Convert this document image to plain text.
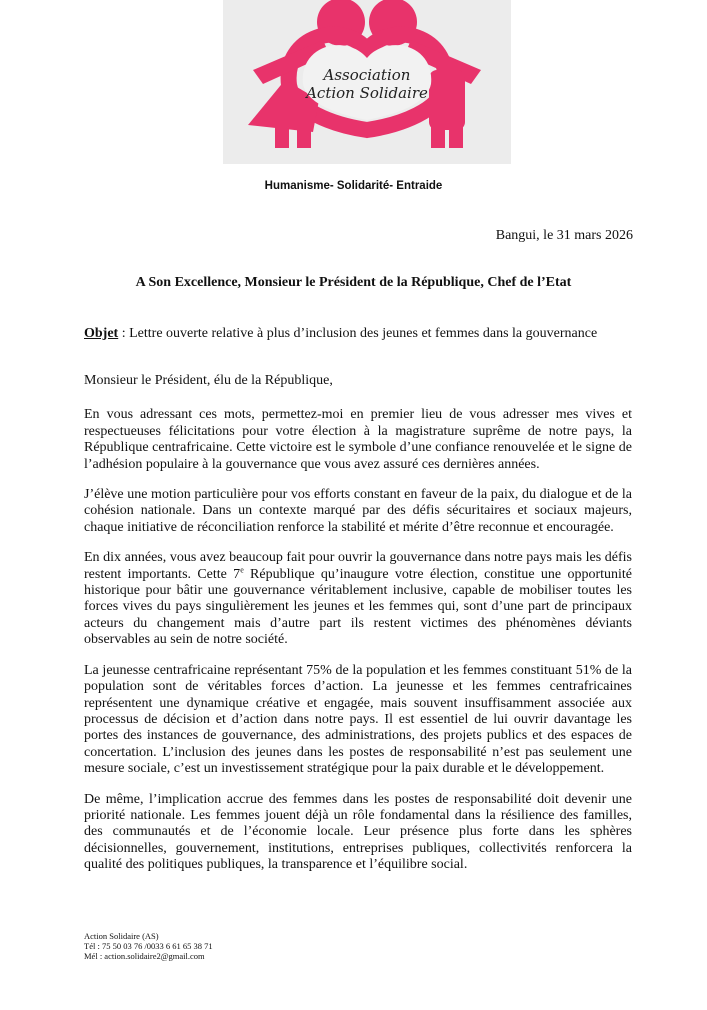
Association
Action Solidaire
Humanisme- Solidarité- Entraide
Bangui, le 31 mars 2026
A Son Excellence, Monsieur le Président de la République, Chef de l’Etat
Objet : Lettre ouverte relative à plus d’inclusion des jeunes et femmes dans la gouvernance

Monsieur le Président, élu de la République,

En vous adressant ces mots, permettez-moi en premier lieu de vous adresser mes vives et respectueuses félicitations pour votre élection à la magistrature suprême de notre pays, la République centrafricaine. Cette victoire est le symbole d’une confiance renouvelée et le signe de l’adhésion populaire à la gouvernance que vous avez assuré ces dernières années.

J’élève une motion particulière pour vos efforts constant en faveur de la paix, du dialogue et de la cohésion nationale. Dans un contexte marqué par des défis sécuritaires et sociaux majeurs, chaque initiative de réconciliation renforce la stabilité et mérite d’être reconnue et encouragée.

En dix années, vous avez beaucoup fait pour ouvrir la gouvernance dans notre pays mais les défis restent importants. Cette 7e République qu’inaugure votre élection, constitue une opportunité historique pour bâtir une gouvernance véritablement inclusive, capable de mobiliser toutes les forces vives du pays singulièrement les jeunes et les femmes qui, sont d’une part de principaux acteurs du changement mais d’autre part ils restent victimes des phénomènes déviants observables au sein de notre société.

La jeunesse centrafricaine représentant 75% de la population et les femmes constituant 51% de la population sont de véritables forces d’action. La jeunesse et les femmes centrafricaines représentent une dynamique créative et engagée, mais souvent insuffisamment associée aux processus de décision et d’action dans notre pays. Il est essentiel de lui ouvrir davantage les portes des instances de gouvernance, des administrations, des projets publics et des espaces de concertation. L’inclusion des jeunes dans les postes de responsabilité n’est pas seulement une mesure sociale, c’est un investissement stratégique pour la paix durable et le développement.

De même, l’implication accrue des femmes dans les postes de responsabilité doit devenir une priorité nationale. Les femmes jouent déjà un rôle fondamental dans la résilience des familles, des communautés et de l’économie locale. Leur présence plus forte dans les sphères décisionnelles, gouvernement, institutions, entreprises publiques, collectivités renforcera la qualité des politiques publiques, la transparence et l’équilibre social.

Action Solidaire (AS)
Tél : 75 50 03 76 /0033 6 61 65 38 71
Mél : action.solidaire2@gmail.com
